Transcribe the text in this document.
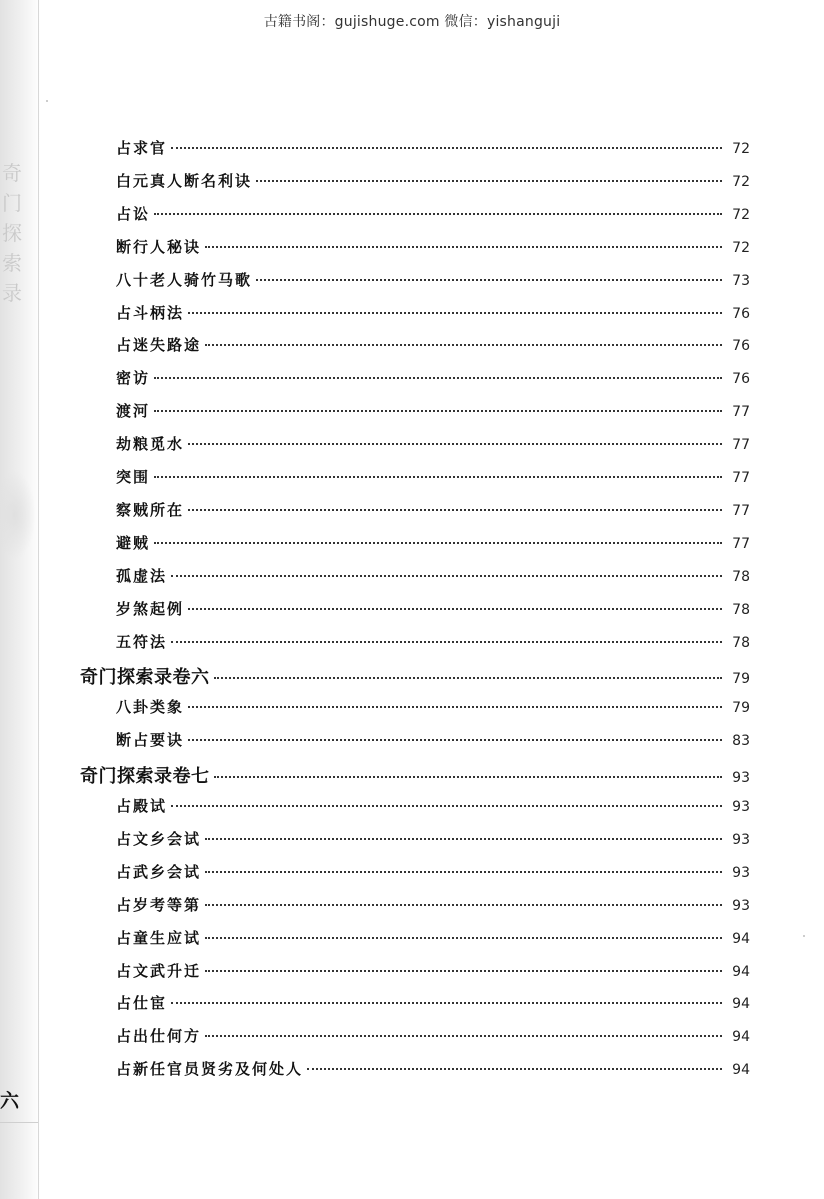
奇
门
探
索
录
古籍书阁：gujishuge.com 微信：yishanguji
占求官	72
白元真人断名利诀	72
占讼	72
断行人秘诀	72
八十老人骑竹马歌	73
占斗柄法	76
占迷失路途	76
密访	76
渡河	77
劫粮觅水	77
突围	77
察贼所在	77
避贼	77
孤虚法	78
岁煞起例	78
五符法	78
奇门探索录卷六	79
八卦类象	79
断占要诀	83
奇门探索录卷七	93
占殿试	93
占文乡会试	93
占武乡会试	93
占岁考等第	93
占童生应试	94
占文武升迁	94
占仕宦	94
占出仕何方	94
占新任官员贤劣及何处人	94
六
